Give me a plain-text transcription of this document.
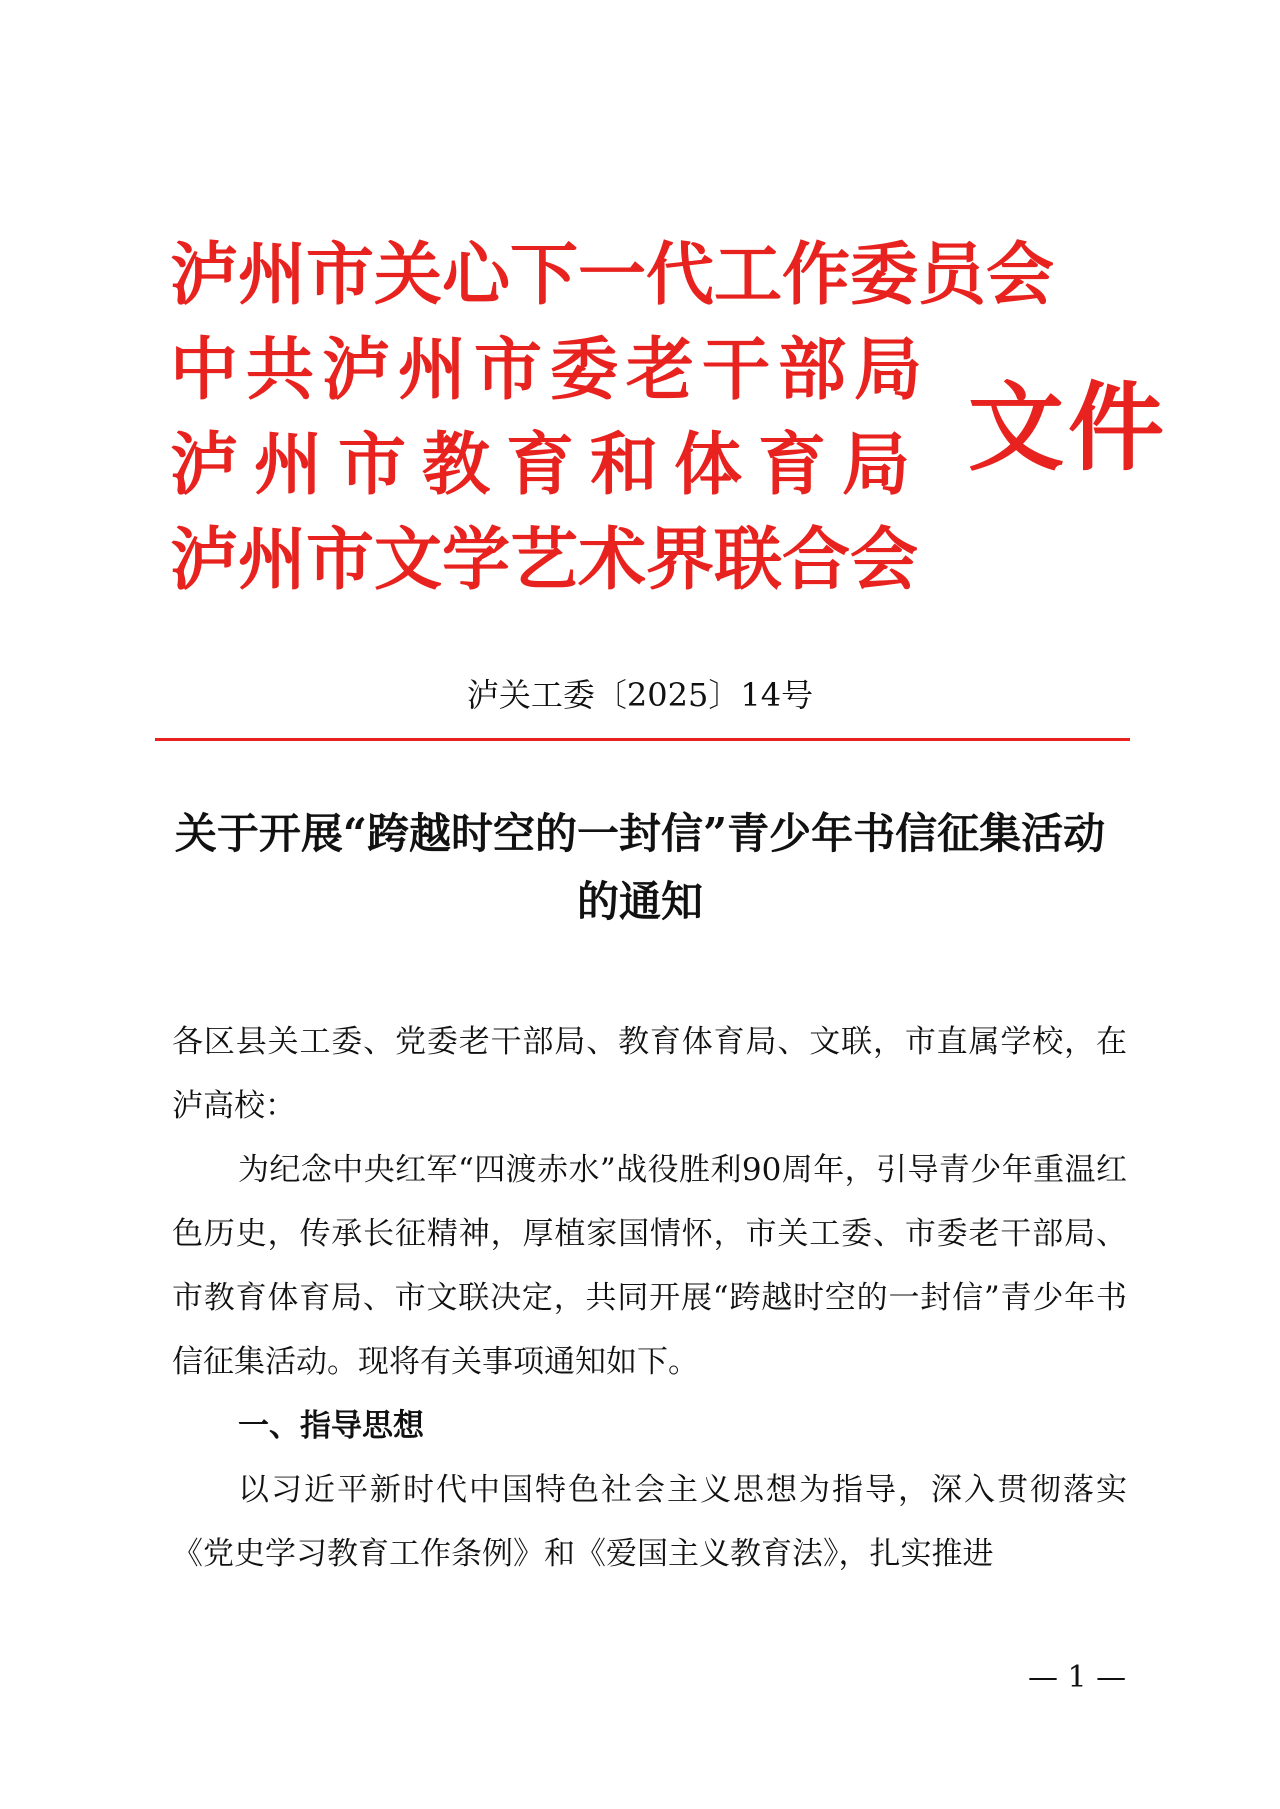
泸州市关心下一代工作委员会
中共泸州市委老干部局
泸州市教育和体育局
泸州市文学艺术界联合会
文件
泸关工委〔2025〕14号
关于开展“跨越时空的一封信”青少年书信征集活动的通知

各区县关工委、党委老干部局、教育体育局、文联，市直属学校，在泸高校：

为纪念中央红军“四渡赤水”战役胜利90周年，引导青少年重温红色历史，传承长征精神，厚植家国情怀，市关工委、市委老干部局、市教育体育局、市文联决定，共同开展“跨越时空的一封信”青少年书信征集活动。现将有关事项通知如下。

一、指导思想

以习近平新时代中国特色社会主义思想为指导，深入贯彻落实《党史学习教育工作条例》和《爱国主义教育法》，扎实推进

— 1 —
